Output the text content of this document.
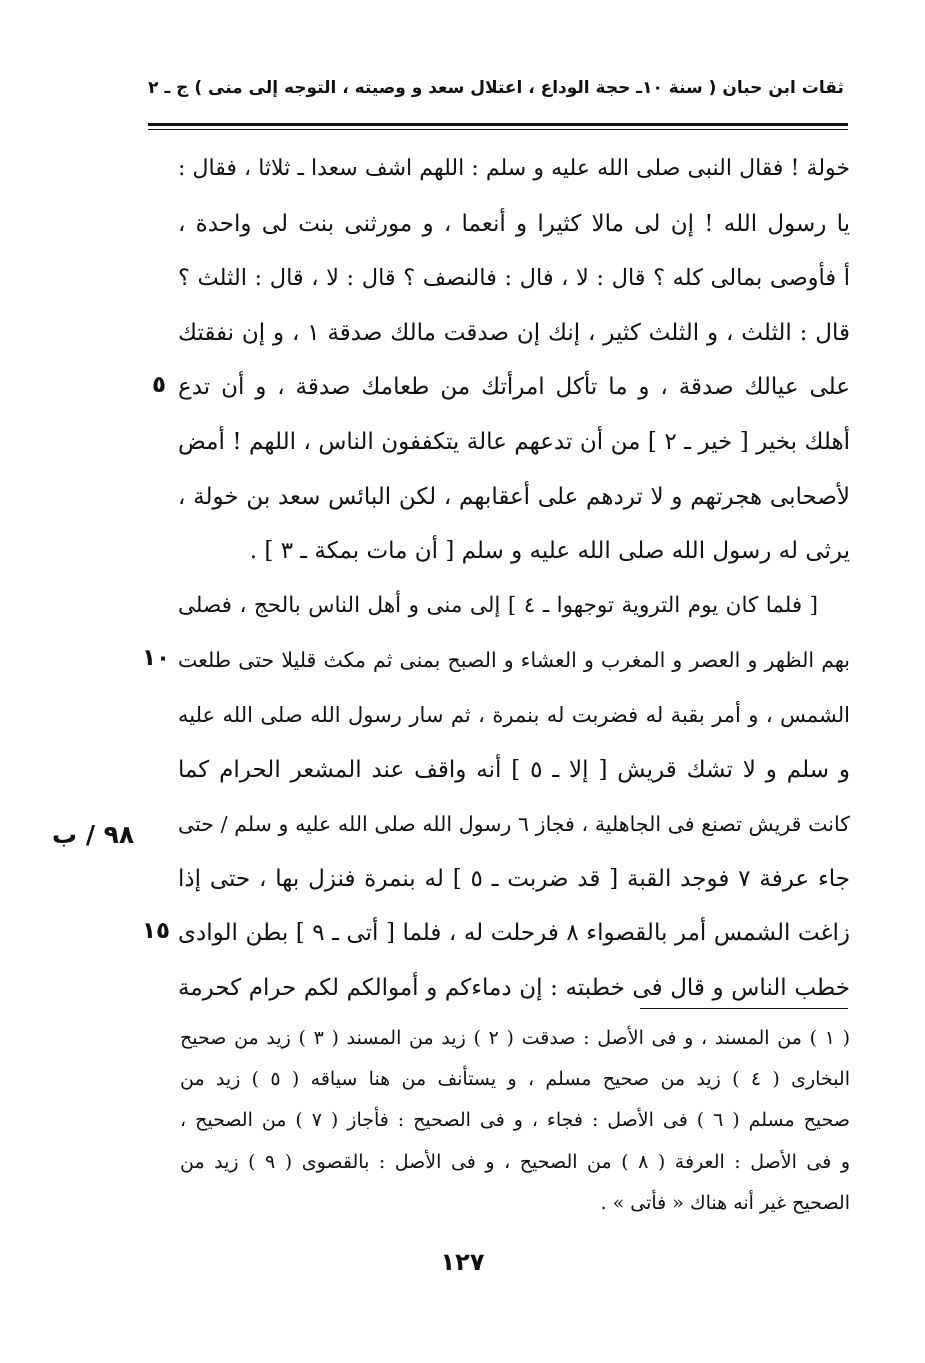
ثقات ابن حبان ( سنة ١٠ـ حجة الوداع ، اعتلال سعد و وصيته ، التوجه إلى منى ) ج ـ ٢
خولة ! فقال النبى صلى الله عليه و سلم : اللهم اشف سعدا ـ ثلاثا ، فقال :
يا رسول الله ! إن لى مالا كثيرا و أنعما ، و مورثنى بنت لى واحدة ،
أ فأوصى بمالى كله ؟ قال : لا ، فال : فالنصف ؟ قال : لا ، قال : الثلث ؟
قال : الثلث ، و الثلث كثير ، إنك إن صدقت مالك صدقة ١ ، و إن نفقتك
على عيالك صدقة ، و ما تأكل امرأتك من طعامك صدقة ، و أن تدع
أهلك بخير [ خير ـ ٢ ] من أن تدعهم عالة يتكففون الناس ، اللهم ! أمض
لأصحابى هجرتهم و لا تردهم على أعقابهم ، لكن البائس سعد بن خولة ،
يرثى له رسول الله صلى الله عليه و سلم [ أن مات بمكة ـ ٣ ] .
[ فلما كان يوم التروية توجهوا ـ ٤ ] إلى منى و أهل الناس بالحج ، فصلى
بهم الظهر و العصر و المغرب و العشاء و الصبح بمنى ثم مكث قليلا حتى طلعت
الشمس ، و أمر بقبة له فضربت له بنمرة ، ثم سار رسول الله صلى الله عليه
و سلم و لا تشك قريش [ إلا ـ ٥ ] أنه واقف عند المشعر الحرام كما
كانت قريش تصنع فى الجاهلية ، فجاز ٦ رسول الله صلى الله عليه و سلم / حتى
جاء عرفة ٧ فوجد القبة [ قد ضربت ـ ٥ ] له بنمرة فنزل بها ، حتى إذا
زاغت الشمس أمر بالقصواء ٨ فرحلت له ، فلما [ أتى ـ ٩ ] بطن الوادى
خطب الناس و قال فى خطبته : إن دماءكم و أموالكم لكم حرام كحرمة
٥
١٠
١٥
٩٨ / ب
( ١ ) من المسند ، و فى الأصل : صدقت ( ٢ ) زيد من المسند ( ٣ ) زيد من صحيح
البخارى ( ٤ ) زيد من صحيح مسلم ، و يستأنف من هنا سياقه ( ٥ ) زيد من
صحيح مسلم ( ٦ ) فى الأصل : فجاء ، و فى الصحيح : فأجاز ( ٧ ) من الصحيح ،
و فى الأصل : العرفة ( ٨ ) من الصحيح ، و فى الأصل : بالقصوى ( ٩ ) زيد من
الصحيح غير أنه هناك « فأتى » .
١٢٧
